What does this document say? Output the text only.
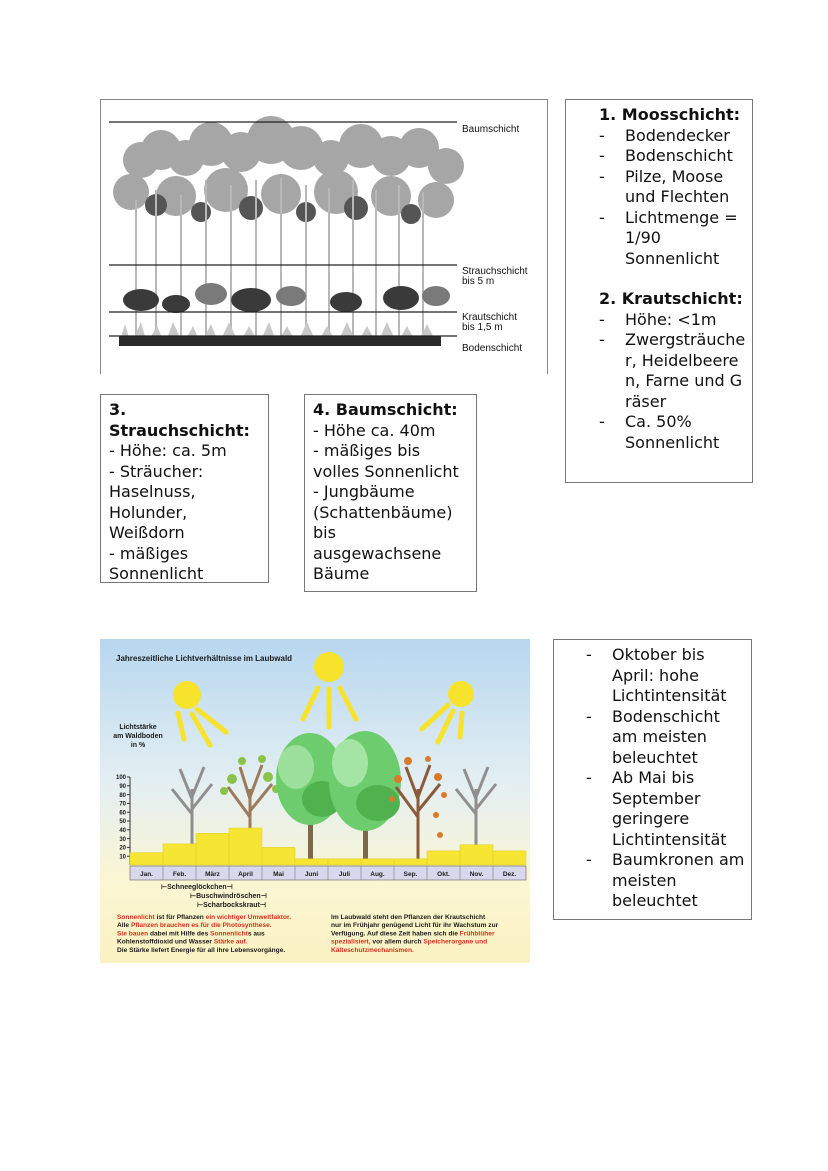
Baumschicht
Strauchschicht
bis 5 m
Krautschicht
bis 1,5 m
Bodenschicht
1. Moosschicht:
-	Bodendecker
-	Bodenschicht
-	Pilze, Moose und Flechten
-	Lichtmenge = 1/90 Sonnenlicht
2. Krautschicht:
-	Höhe: <1m
-	Zwergsträucher, Heidelbeeren, Farne und Gräser
-	Ca. 50% Sonnenlicht
3. Strauchschicht:
- Höhe: ca. 5m
- Sträucher:
Haselnuss,
Holunder,
Weißdorn
- mäßiges
Sonnenlicht
4. Baumschicht:
- Höhe ca. 40m
- mäßiges bis
volles Sonnenlicht
- Jungbäume
(Schattenbäume)
bis
ausgewachsene
Bäume
10
20
30
40
50
60
70
80
90
100
Jan.	Feb.	März	April	Mai	Juni	Juli	Aug.	Sep.	Okt.	Nov.	Dez.
Jahreszeitliche Lichtverhältnisse im Laubwald
Lichtstärke
am Waldboden
in %
⊢Schneeglöckchen⊣
⊢Buschwindröschen⊣
⊢Scharbockskraut⊣
Sonnenlicht ist für Pflanzen ein wichtiger Umweltfaktor.
Alle Pflanzen brauchen es für die Photosynthese.
Sie bauen dabei mit Hilfe des Sonnenlichts aus
Kohlenstoffdioxid und Wasser Stärke auf.
Die Stärke liefert Energie für all ihre Lebensvorgänge.
Im Laubwald steht den Pflanzen der Krautschicht
nur im Frühjahr genügend Licht für ihr Wachstum zur
Verfügung. Auf diese Zeit haben sich die Frühblüher
spezialisiert, vor allem durch Speicherorgane und
Kälteschutzmechanismen.
-	Oktober bis April: hohe Lichtintensität
-	Bodenschicht am meisten beleuchtet
-	Ab Mai bis September geringere Lichtintensität
-	Baumkronen am meisten beleuchtet
